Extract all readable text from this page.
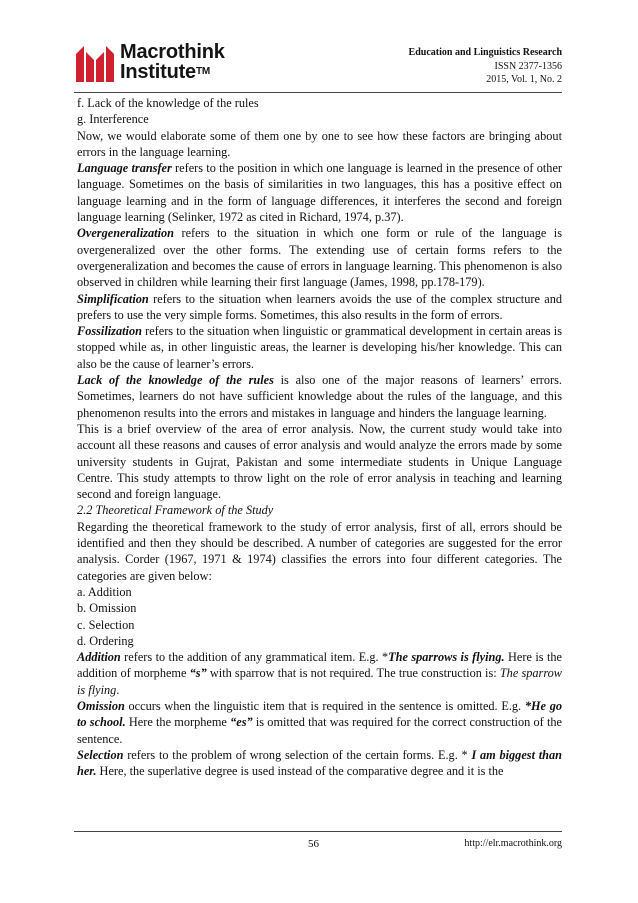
Macrothink
Institute™
Education and Linguistics Research
ISSN 2377-1356
2015, Vol. 1, No. 2

f. Lack of the knowledge of the rules

g. Interference

Now, we would elaborate some of them one by one to see how these factors are bringing about errors in the language learning.

Language transfer refers to the position in which one language is learned in the presence of other language. Sometimes on the basis of similarities in two languages, this has a positive effect on language learning and in the form of language differences, it interferes the second and foreign language learning (Selinker, 1972 as cited in Richard, 1974, p.37).

Overgeneralization refers to the situation in which one form or rule of the language is overgeneralized over the other forms. The extending use of certain forms refers to the overgeneralization and becomes the cause of errors in language learning. This phenomenon is also observed in children while learning their first language (James, 1998, pp.178-179).

Simplification refers to the situation when learners avoids the use of the complex structure and prefers to use the very simple forms. Sometimes, this also results in the form of errors.

Fossilization refers to the situation when linguistic or grammatical development in certain areas is stopped while as, in other linguistic areas, the learner is developing his/her knowledge. This can also be the cause of learner’s errors.

Lack of the knowledge of the rules is also one of the major reasons of learners’ errors. Sometimes, learners do not have sufficient knowledge about the rules of the language, and this phenomenon results into the errors and mistakes in language and hinders the language learning.

This is a brief overview of the area of error analysis. Now, the current study would take into account all these reasons and causes of error analysis and would analyze the errors made by some university students in Gujrat, Pakistan and some intermediate students in Unique Language Centre. This study attempts to throw light on the role of error analysis in teaching and learning second and foreign language.

2.2 Theoretical Framework of the Study

Regarding the theoretical framework to the study of error analysis, first of all, errors should be identified and then they should be described. A number of categories are suggested for the error analysis. Corder (1967, 1971 & 1974) classifies the errors into four different categories. The categories are given below:

a. Addition

b. Omission

c. Selection

d. Ordering

Addition refers to the addition of any grammatical item. E.g. *The sparrows is flying. Here is the addition of morpheme “s” with sparrow that is not required. The true construction is: The sparrow is flying.

Omission occurs when the linguistic item that is required in the sentence is omitted. E.g. *He go to school. Here the morpheme “es” is omitted that was required for the correct construction of the sentence.

Selection refers to the problem of wrong selection of the certain forms. E.g. * I am biggest than her. Here, the superlative degree is used instead of the comparative degree and it is the

56	http://elr.macrothink.org
